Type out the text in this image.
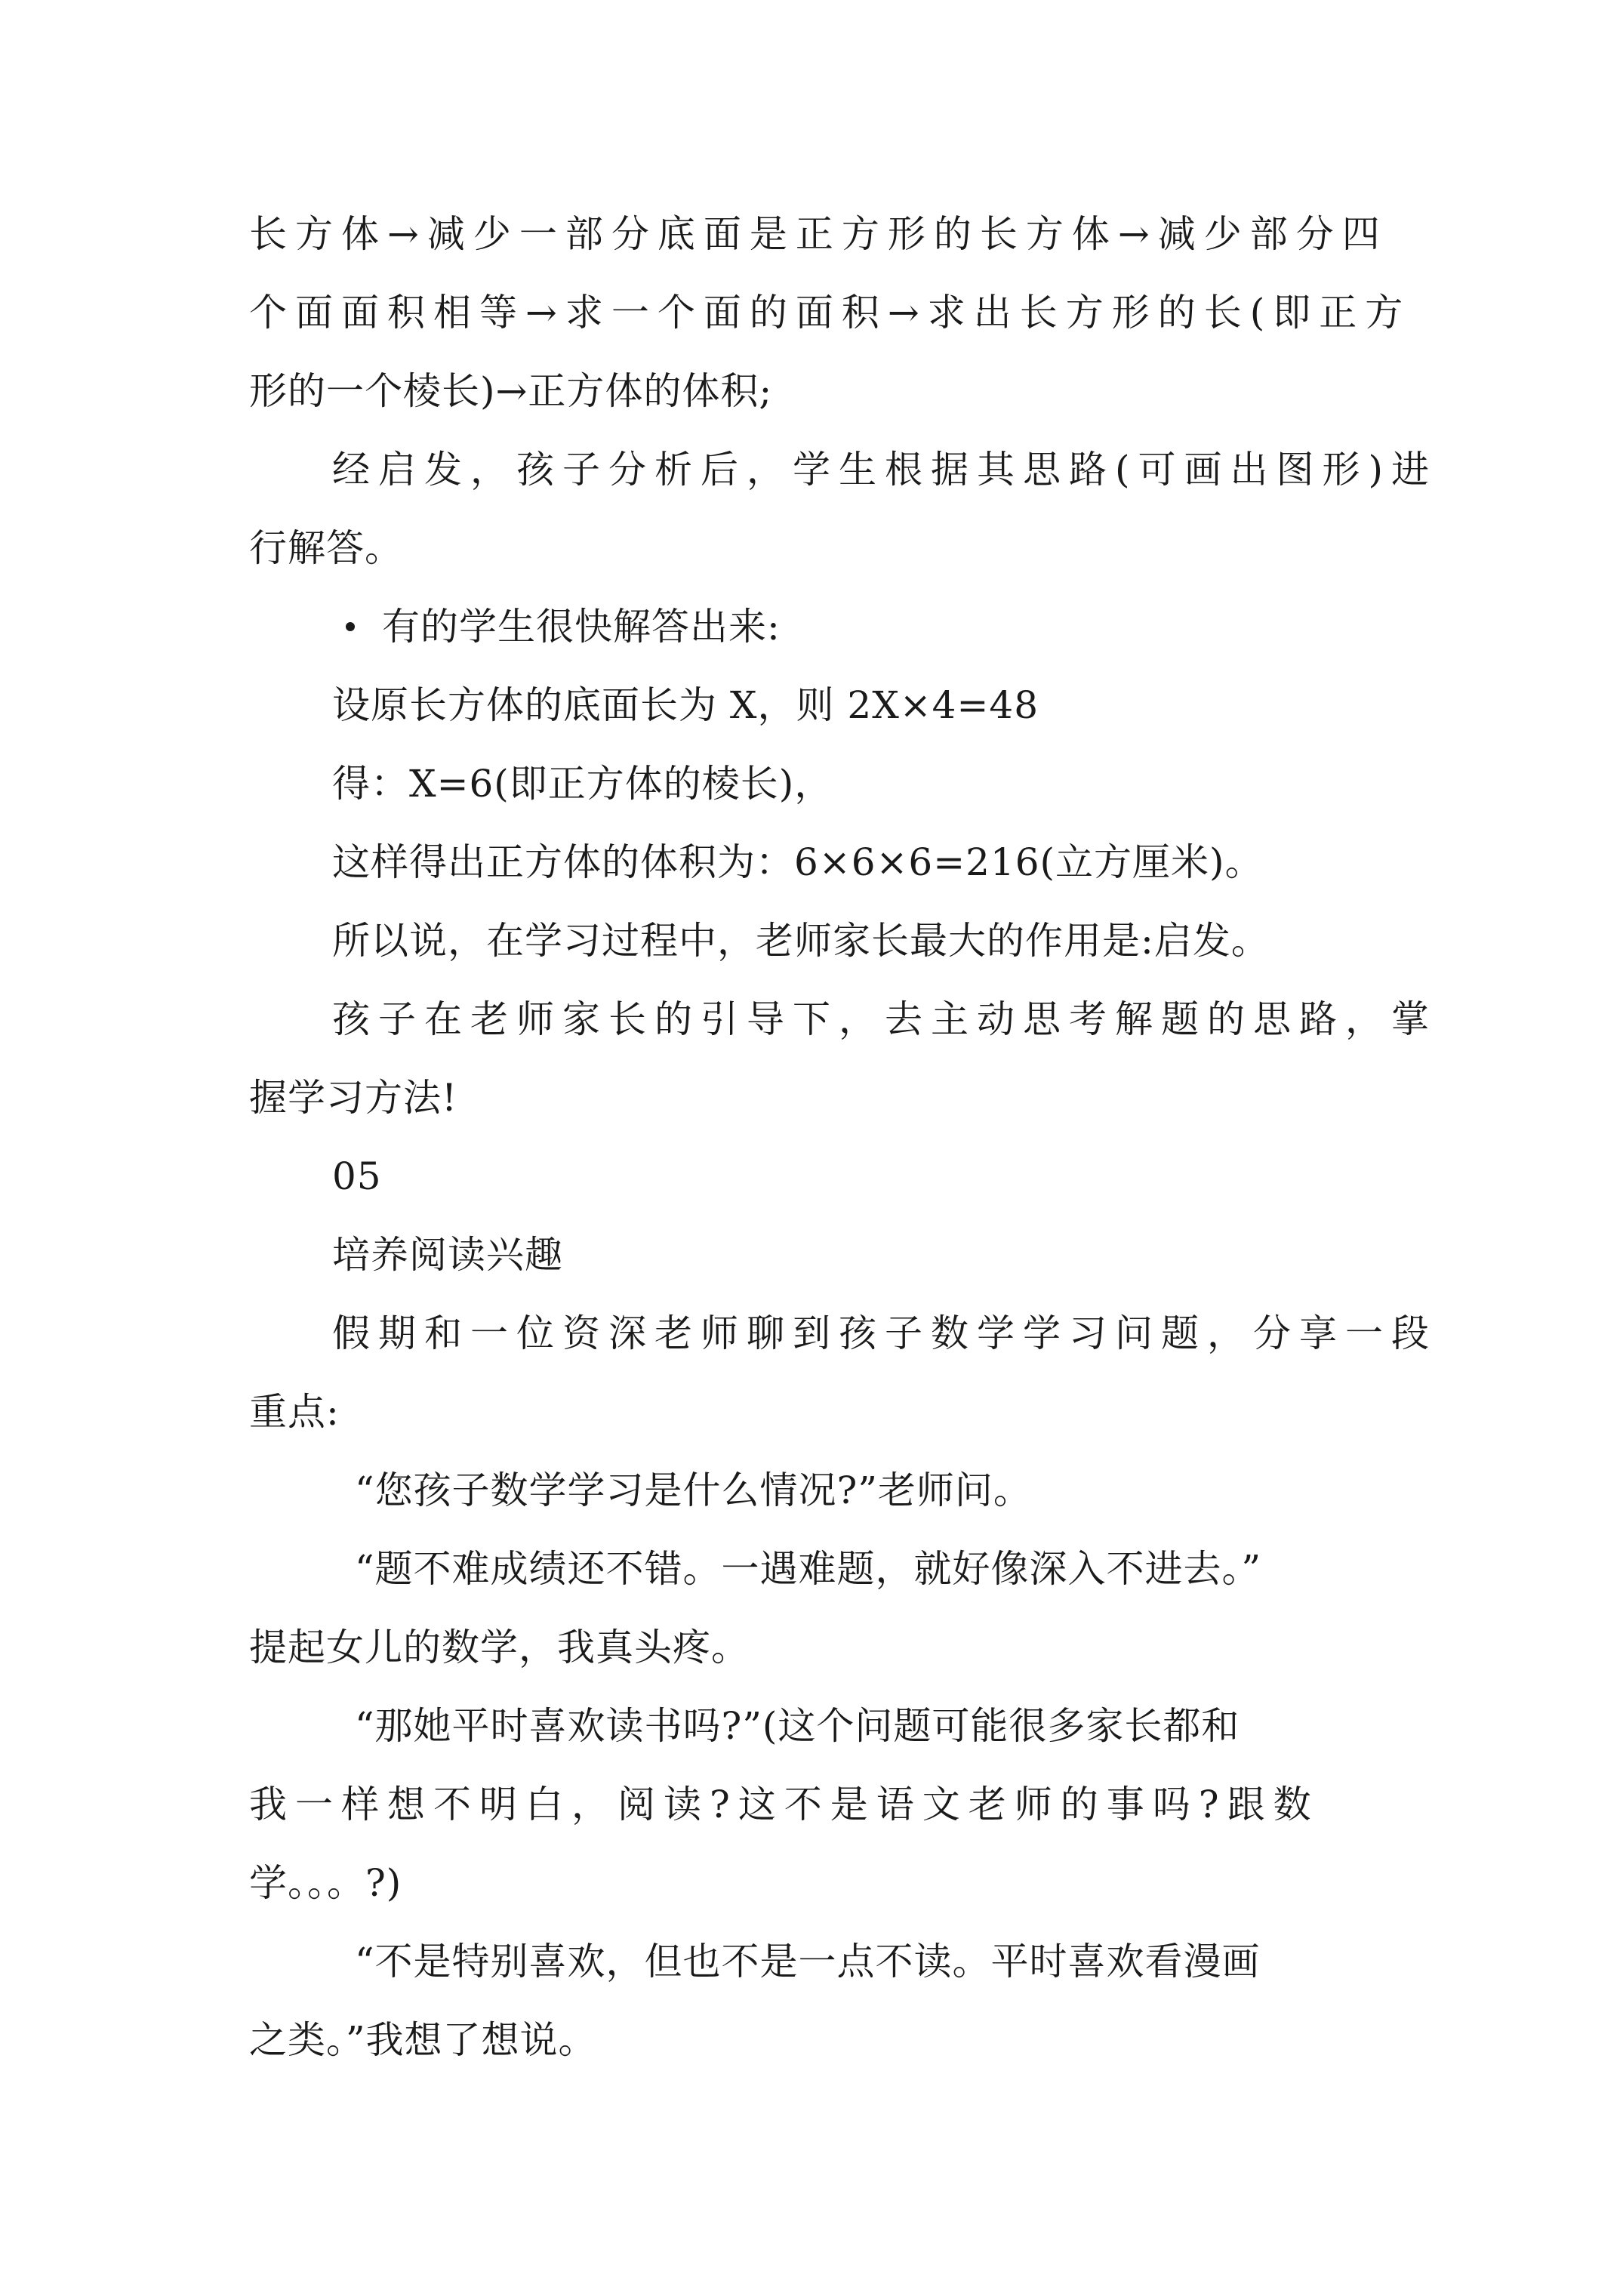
长方体→减少一部分底面是正方形的长方体→减少部分四
个面面积相等→求一个面的面积→求出长方形的长(即正方
形的一个棱长)→正方体的体积;
经启发，孩子分析后，学生根据其思路(可画出图形)进
行解答。
有的学生很快解答出来:
设原长方体的底面长为 X，则 2X×4=48
得：X=6(即正方体的棱长)，
这样得出正方体的体积为：6×6×6=216(立方厘米)。
所以说，在学习过程中，老师家长最大的作用是:启发。
孩子在老师家长的引导下，去主动思考解题的思路，掌
握学习方法!
05
培养阅读兴趣
假期和一位资深老师聊到孩子数学学习问题，分享一段
重点:
“您孩子数学学习是什么情况?”老师问。
“题不难成绩还不错。一遇难题，就好像深入不进去。”
提起女儿的数学，我真头疼。
“那她平时喜欢读书吗?”(这个问题可能很多家长都和
我一样想不明白，阅读?这不是语文老师的事吗?跟数
学。。。?)
“不是特别喜欢，但也不是一点不读。平时喜欢看漫画
之类。”我想了想说。
